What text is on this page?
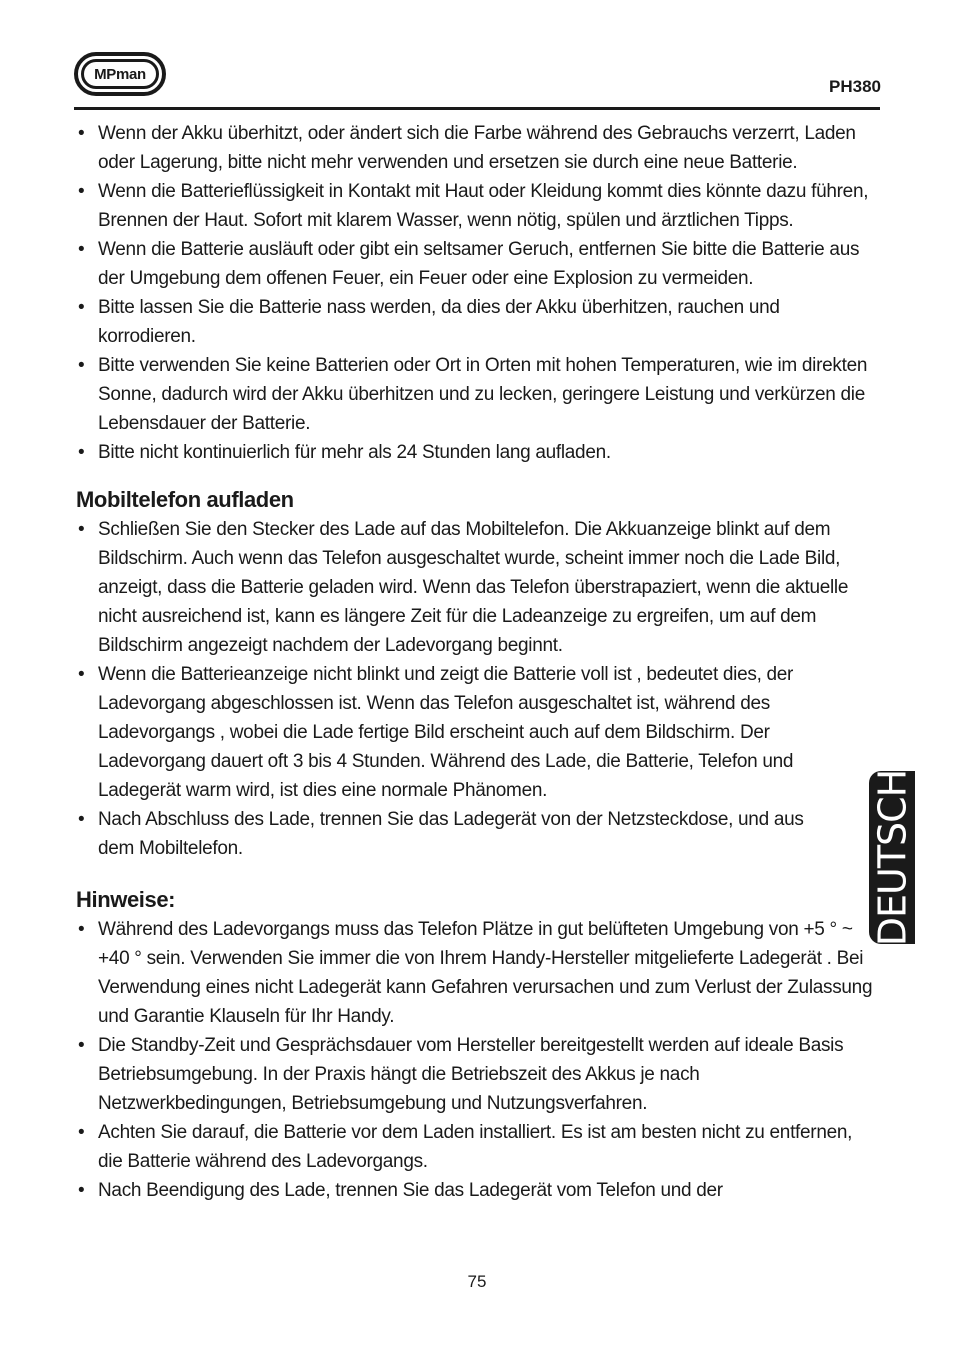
MPman
PH380
• Wenn der Akku überhitzt, oder ändert sich die Farbe während des Gebrauchs verzerrt, Laden oder Lagerung, bitte nicht mehr verwenden und ersetzen sie durch eine neue Batterie.
• Wenn die Batterieflüssigkeit in Kontakt mit Haut oder Kleidung kommt dies könnte dazu führen, Brennen der Haut. Sofort mit klarem Wasser, wenn nötig, spülen und ärztlichen Tipps.
• Wenn die Batterie ausläuft oder gibt ein seltsamer Geruch, entfernen Sie bitte die Batterie aus der Umgebung dem offenen Feuer, ein Feuer oder eine Explosion zu vermeiden.
• Bitte lassen Sie die Batterie nass werden, da dies der Akku überhitzen, rauchen und korrodieren.
• Bitte verwenden Sie keine Batterien oder Ort in Orten mit hohen Temperaturen, wie im direkten Sonne, dadurch wird der Akku überhitzen und zu lecken, geringere Leistung und verkürzen die Lebensdauer der Batterie.
• Bitte nicht kontinuierlich für mehr als 24 Stunden lang aufladen.
Mobiltelefon aufladen
• Schließen Sie den Stecker des Lade auf das Mobiltelefon. Die Akkuanzeige blinkt auf dem Bildschirm. Auch wenn das Telefon ausgeschaltet wurde, scheint immer noch die Lade Bild, anzeigt, dass die Batterie geladen wird. Wenn das Telefon überstrapaziert, wenn die aktuelle nicht ausreichend ist, kann es längere Zeit für die Ladeanzeige zu ergreifen, um auf dem Bildschirm angezeigt nachdem der Ladevorgang beginnt.
• Wenn die Batterieanzeige nicht blinkt und zeigt die Batterie voll ist , bedeutet dies, der Ladevorgang abgeschlossen ist. Wenn das Telefon ausgeschaltet ist, während des Ladevorgangs , wobei die Lade fertige Bild erscheint auch auf dem Bildschirm. Der Ladevorgang dauert oft 3 bis 4 Stunden. Während des Lade, die Batterie, Telefon und Ladegerät warm wird, ist dies eine normale Phänomen.
• Nach Abschluss des Lade, trennen Sie das Ladegerät von der Netzsteckdose, und aus dem Mobiltelefon.
Hinweise:
• Während des Ladevorgangs muss das Telefon Plätze in gut belüfteten Umgebung von +5 ° ~ +40 ° sein. Verwenden Sie immer die von Ihrem Handy-Hersteller mitgelieferte Ladegerät . Bei Verwendung eines nicht Ladegerät kann Gefahren verursachen und zum Verlust der Zulassung und Garantie Klauseln für Ihr Handy.
• Die Standby-Zeit und Gesprächsdauer vom Hersteller bereitgestellt werden auf ideale Basis Betriebsumgebung. In der Praxis hängt die Betriebszeit des Akkus je nach Netzwerkbedingungen, Betriebsumgebung und Nutzungsverfahren.
• Achten Sie darauf, die Batterie vor dem Laden installiert. Es ist am besten nicht zu entfernen, die Batterie während des Ladevorgangs.
• Nach Beendigung des Lade, trennen Sie das Ladegerät vom Telefon und der
DEUTSCH
75
